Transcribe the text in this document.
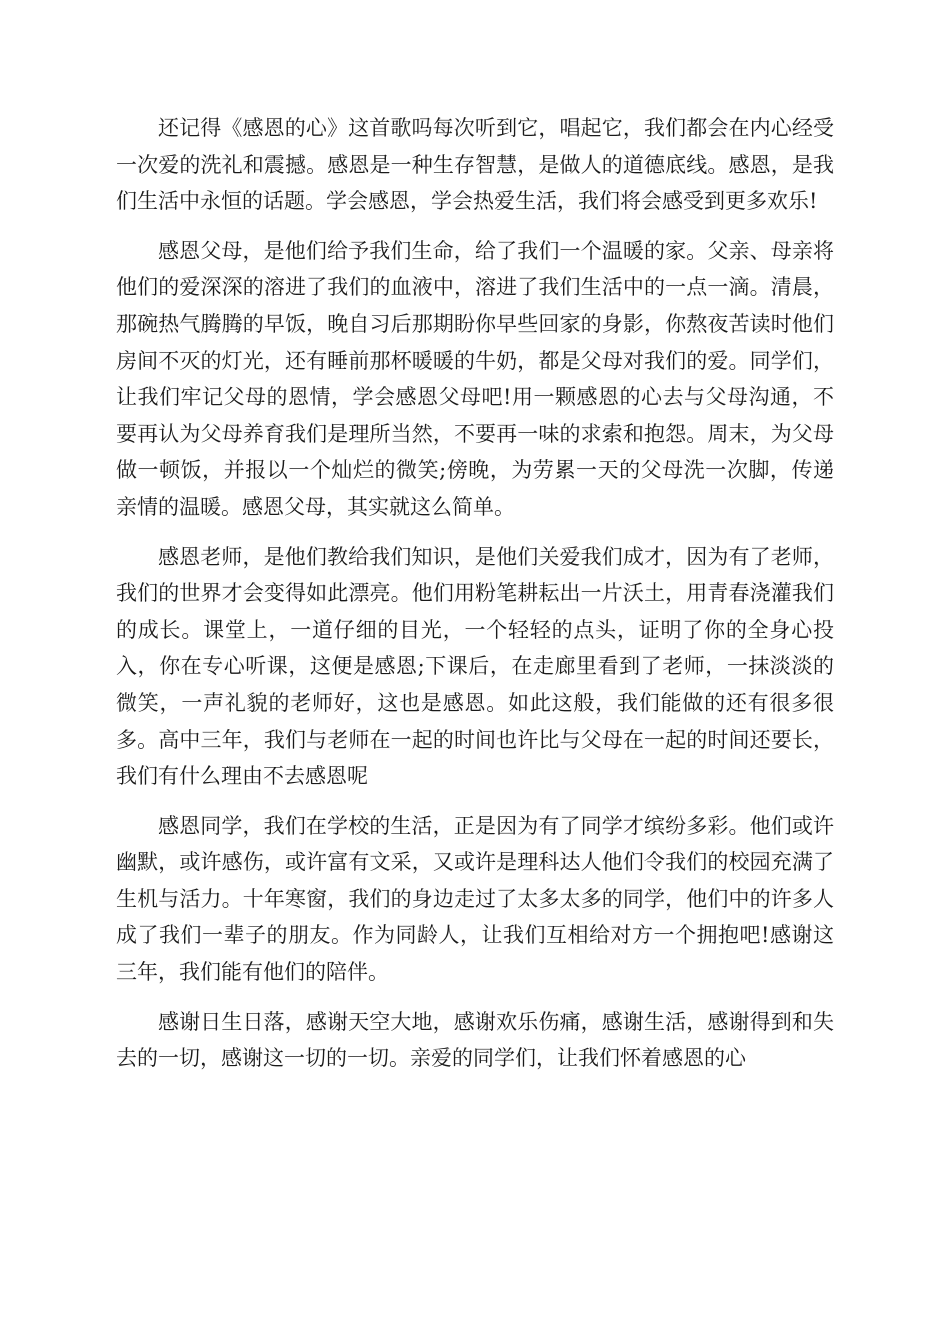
还记得《感恩的心》这首歌吗每次听到它，唱起它，我们都会在内心经受一次爱的洗礼和震撼。感恩是一种生存智慧，是做人的道德底线。感恩，是我们生活中永恒的话题。学会感恩，学会热爱生活，我们将会感受到更多欢乐!

感恩父母，是他们给予我们生命，给了我们一个温暖的家。父亲、母亲将他们的爱深深的溶进了我们的血液中，溶进了我们生活中的一点一滴。清晨，那碗热气腾腾的早饭，晚自习后那期盼你早些回家的身影，你熬夜苦读时他们房间不灭的灯光，还有睡前那杯暖暖的牛奶，都是父母对我们的爱。同学们，让我们牢记父母的恩情，学会感恩父母吧!用一颗感恩的心去与父母沟通，不要再认为父母养育我们是理所当然，不要再一味的求索和抱怨。周末，为父母做一顿饭，并报以一个灿烂的微笑;傍晚，为劳累一天的父母洗一次脚，传递亲情的温暖。感恩父母，其实就这么简单。

感恩老师，是他们教给我们知识，是他们关爱我们成才，因为有了老师，我们的世界才会变得如此漂亮。他们用粉笔耕耘出一片沃土，用青春浇灌我们的成长。课堂上，一道仔细的目光，一个轻轻的点头，证明了你的全身心投入，你在专心听课，这便是感恩;下课后，在走廊里看到了老师，一抹淡淡的微笑，一声礼貌的老师好，这也是感恩。如此这般，我们能做的还有很多很多。高中三年，我们与老师在一起的时间也许比与父母在一起的时间还要长，我们有什么理由不去感恩呢

感恩同学，我们在学校的生活，正是因为有了同学才缤纷多彩。他们或许幽默，或许感伤，或许富有文采，又或许是理科达人他们令我们的校园充满了生机与活力。十年寒窗，我们的身边走过了太多太多的同学，他们中的许多人成了我们一辈子的朋友。作为同龄人，让我们互相给对方一个拥抱吧!感谢这三年，我们能有他们的陪伴。

感谢日生日落，感谢天空大地，感谢欢乐伤痛，感谢生活，感谢得到和失去的一切，感谢这一切的一切。亲爱的同学们，让我们怀着感恩的心
